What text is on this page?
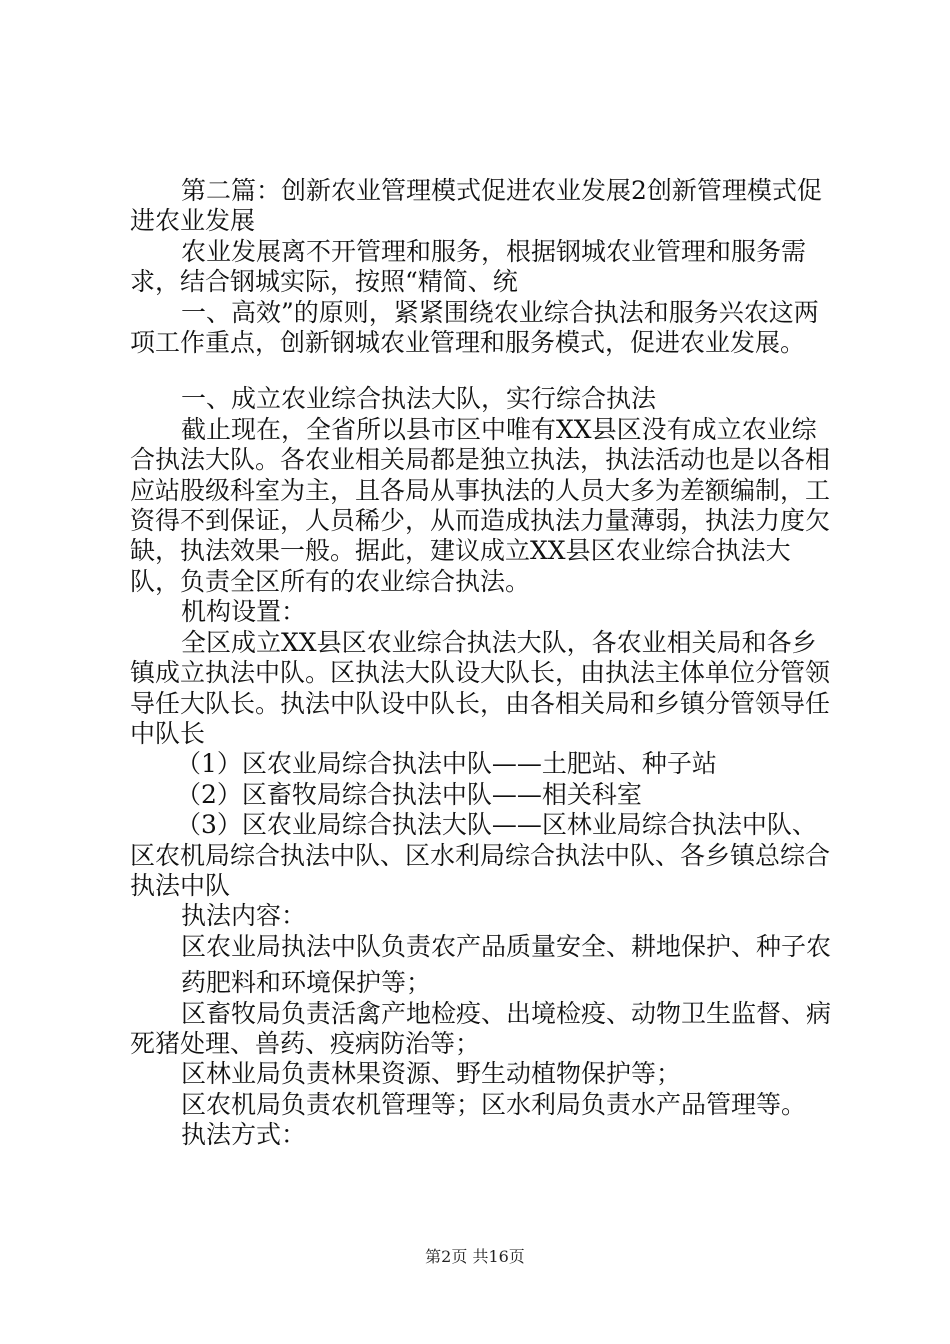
第二篇：创新农业管理模式促进农业发展2创新管理模式促进农业发展

农业发展离不开管理和服务，根据钢城农业管理和服务需求，结合钢城实际，按照“精简、统

一、高效”的原则，紧紧围绕农业综合执法和服务兴农这两项工作重点，创新钢城农业管理和服务模式，促进农业发展。

一、成立农业综合执法大队，实行综合执法

截止现在，全省所以县市区中唯有XX县区没有成立农业综合执法大队。各农业相关局都是独立执法，执法活动也是以各相应站股级科室为主，且各局从事执法的人员大多为差额编制，工资得不到保证，人员稀少，从而造成执法力量薄弱，执法力度欠缺，执法效果一般。据此，建议成立XX县区农业综合执法大队，负责全区所有的农业综合执法。

机构设置：

全区成立XX县区农业综合执法大队，各农业相关局和各乡镇成立执法中队。区执法大队设大队长，由执法主体单位分管领导任大队长。执法中队设中队长，由各相关局和乡镇分管领导任中队长

（1）区农业局综合执法中队——土肥站、种子站

（2）区畜牧局综合执法中队——相关科室

（3）区农业局综合执法大队——区林业局综合执法中队、区农机局综合执法中队、区水利局综合执法中队、各乡镇总综合执法中队

执法内容：

区农业局执法中队负责农产品质量安全、耕地保护、种子农

药肥料和环境保护等；

区畜牧局负责活禽产地检疫、出境检疫、动物卫生监督、病死猪处理、兽药、疫病防治等；

区林业局负责林果资源、野生动植物保护等；

区农机局负责农机管理等；区水利局负责水产品管理等。

执法方式：

第2页 共16页
